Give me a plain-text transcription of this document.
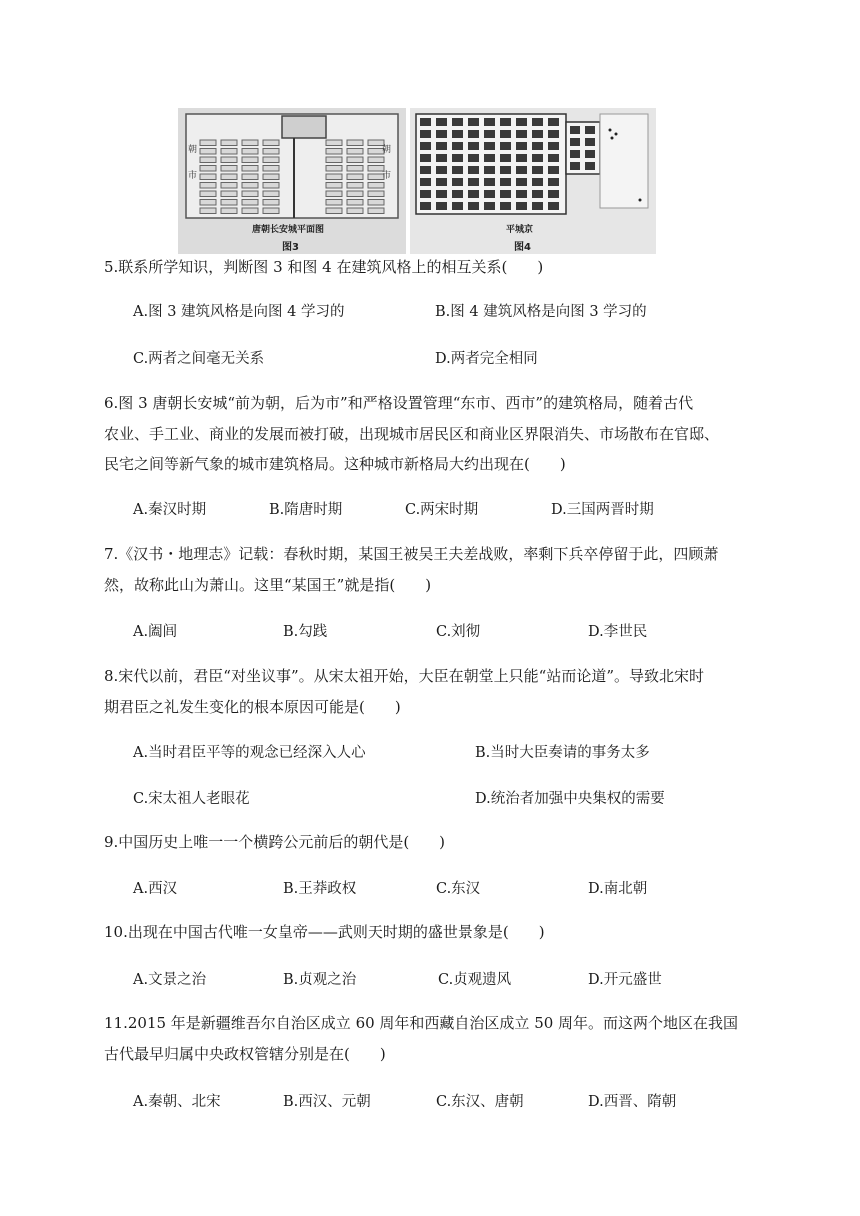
朝
市
朝
市
唐朝长安城平面图
图3
平城京
图4

5.联系所学知识，判断图 3 和图 4 在建筑风格上的相互关系(　　)

A.图 3 建筑风格是向图 4 学习的	B.图 4 建筑风格是向图 3 学习的
C.两者之间毫无关系	D.两者完全相同

6.图 3 唐朝长安城“前为朝，后为市”和严格设置管理“东市、西市”的建筑格局，随着古代

农业、手工业、商业的发展而被打破，出现城市居民区和商业区界限消失、市场散布在官邸、

民宅之间等新气象的城市建筑格局。这种城市新格局大约出现在(　　)

A.秦汉时期	B.隋唐时期	C.两宋时期	D.三国两晋时期

7.《汉书・地理志》记载：春秋时期，某国王被吴王夫差战败，率剩下兵卒停留于此，四顾萧

然，故称此山为萧山。这里“某国王”就是指(　　)

A.阖闾	B.勾践	C.刘彻	D.李世民

8.宋代以前，君臣“对坐议事”。从宋太祖开始，大臣在朝堂上只能“站而论道”。导致北宋时

期君臣之礼发生变化的根本原因可能是(　　)

A.当时君臣平等的观念已经深入人心	B.当时大臣奏请的事务太多
C.宋太祖人老眼花	D.统治者加强中央集权的需要

9.中国历史上唯一一个横跨公元前后的朝代是(　　)

A.西汉	B.王莽政权	C.东汉	D.南北朝

10.出现在中国古代唯一女皇帝——武则天时期的盛世景象是(　　)

A.文景之治	B.贞观之治	C.贞观遗风	D.开元盛世

11.2015 年是新疆维吾尔自治区成立 60 周年和西藏自治区成立 50 周年。而这两个地区在我国

古代最早归属中央政权管辖分别是在(　　)

A.秦朝、北宋	B.西汉、元朝	C.东汉、唐朝	D.西晋、隋朝
